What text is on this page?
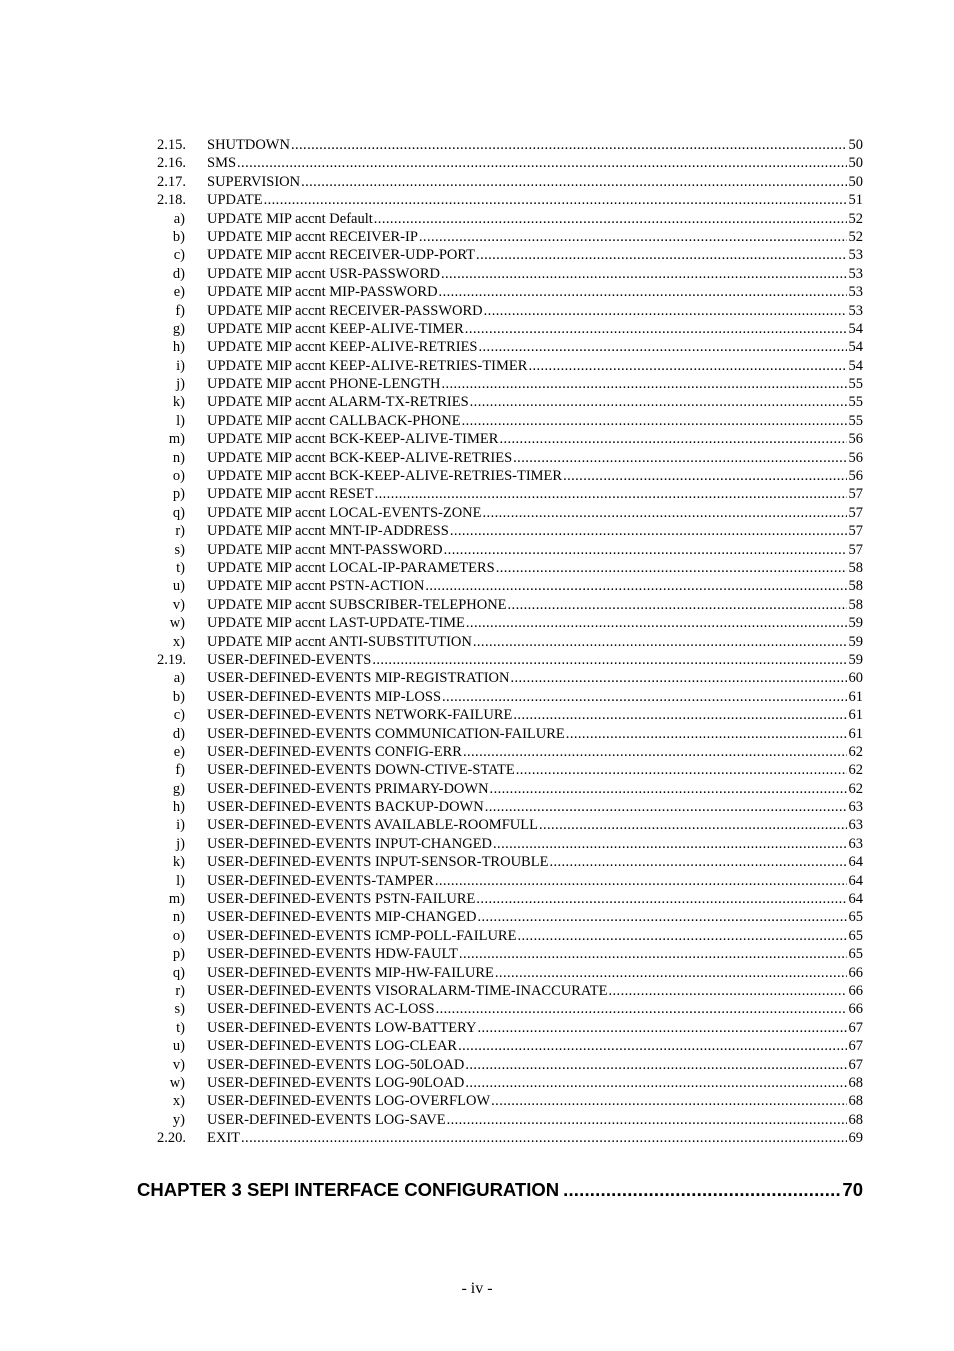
2.15. SHUTDOWN .....	50
2.16. SMS .....	50
2.17. SUPERVISION .....	50
2.18. UPDATE .....	51
a) UPDATE MIP accnt Default .....	52
b) UPDATE MIP accnt RECEIVER-IP .....	52
c) UPDATE MIP accnt RECEIVER-UDP-PORT .....	53
d) UPDATE MIP accnt USR-PASSWORD .....	53
e) UPDATE MIP accnt MIP-PASSWORD .....	53
f) UPDATE MIP accnt RECEIVER-PASSWORD .....	53
g) UPDATE MIP accnt KEEP-ALIVE-TIMER .....	54
h) UPDATE MIP accnt KEEP-ALIVE-RETRIES .....	54
i) UPDATE MIP accnt KEEP-ALIVE-RETRIES-TIMER .....	54
j) UPDATE MIP accnt PHONE-LENGTH .....	55
k) UPDATE MIP accnt ALARM-TX-RETRIES .....	55
l) UPDATE MIP accnt CALLBACK-PHONE .....	55
m) UPDATE MIP accnt BCK-KEEP-ALIVE-TIMER .....	56
n) UPDATE MIP accnt BCK-KEEP-ALIVE-RETRIES .....	56
o) UPDATE MIP accnt BCK-KEEP-ALIVE-RETRIES-TIMER .....	56
p) UPDATE MIP accnt RESET .....	57
q) UPDATE MIP accnt LOCAL-EVENTS-ZONE .....	57
r) UPDATE MIP accnt MNT-IP-ADDRESS .....	57
s) UPDATE MIP accnt MNT-PASSWORD .....	57
t) UPDATE MIP accnt LOCAL-IP-PARAMETERS .....	58
u) UPDATE MIP accnt PSTN-ACTION .....	58
v) UPDATE MIP accnt SUBSCRIBER-TELEPHONE .....	58
w) UPDATE MIP accnt LAST-UPDATE-TIME .....	59
x) UPDATE MIP accnt ANTI-SUBSTITUTION .....	59
2.19. USER-DEFINED-EVENTS .....	59
a) USER-DEFINED-EVENTS MIP-REGISTRATION .....	60
b) USER-DEFINED-EVENTS MIP-LOSS .....	61
c) USER-DEFINED-EVENTS NETWORK-FAILURE .....	61
d) USER-DEFINED-EVENTS COMMUNICATION-FAILURE .....	61
e) USER-DEFINED-EVENTS CONFIG-ERR .....	62
f) USER-DEFINED-EVENTS DOWN-CTIVE-STATE .....	62
g) USER-DEFINED-EVENTS PRIMARY-DOWN .....	62
h) USER-DEFINED-EVENTS BACKUP-DOWN .....	63
i) USER-DEFINED-EVENTS AVAILABLE-ROOMFULL .....	63
j) USER-DEFINED-EVENTS INPUT-CHANGED .....	63
k) USER-DEFINED-EVENTS INPUT-SENSOR-TROUBLE .....	64
l) USER-DEFINED-EVENTS-TAMPER .....	64
m) USER-DEFINED-EVENTS PSTN-FAILURE .....	64
n) USER-DEFINED-EVENTS MIP-CHANGED .....	65
o) USER-DEFINED-EVENTS ICMP-POLL-FAILURE .....	65
p) USER-DEFINED-EVENTS HDW-FAULT .....	65
q) USER-DEFINED-EVENTS MIP-HW-FAILURE .....	66
r) USER-DEFINED-EVENTS VISORALARM-TIME-INACCURATE .....	66
s) USER-DEFINED-EVENTS AC-LOSS .....	66
t) USER-DEFINED-EVENTS LOW-BATTERY .....	67
u) USER-DEFINED-EVENTS LOG-CLEAR .....	67
v) USER-DEFINED-EVENTS LOG-50LOAD .....	67
w) USER-DEFINED-EVENTS LOG-90LOAD .....	68
x) USER-DEFINED-EVENTS LOG-OVERFLOW .....	68
y) USER-DEFINED-EVENTS LOG-SAVE .....	68
2.20. EXIT .....	69
CHAPTER 3 SEPI INTERFACE CONFIGURATION .....	70
- iv -
